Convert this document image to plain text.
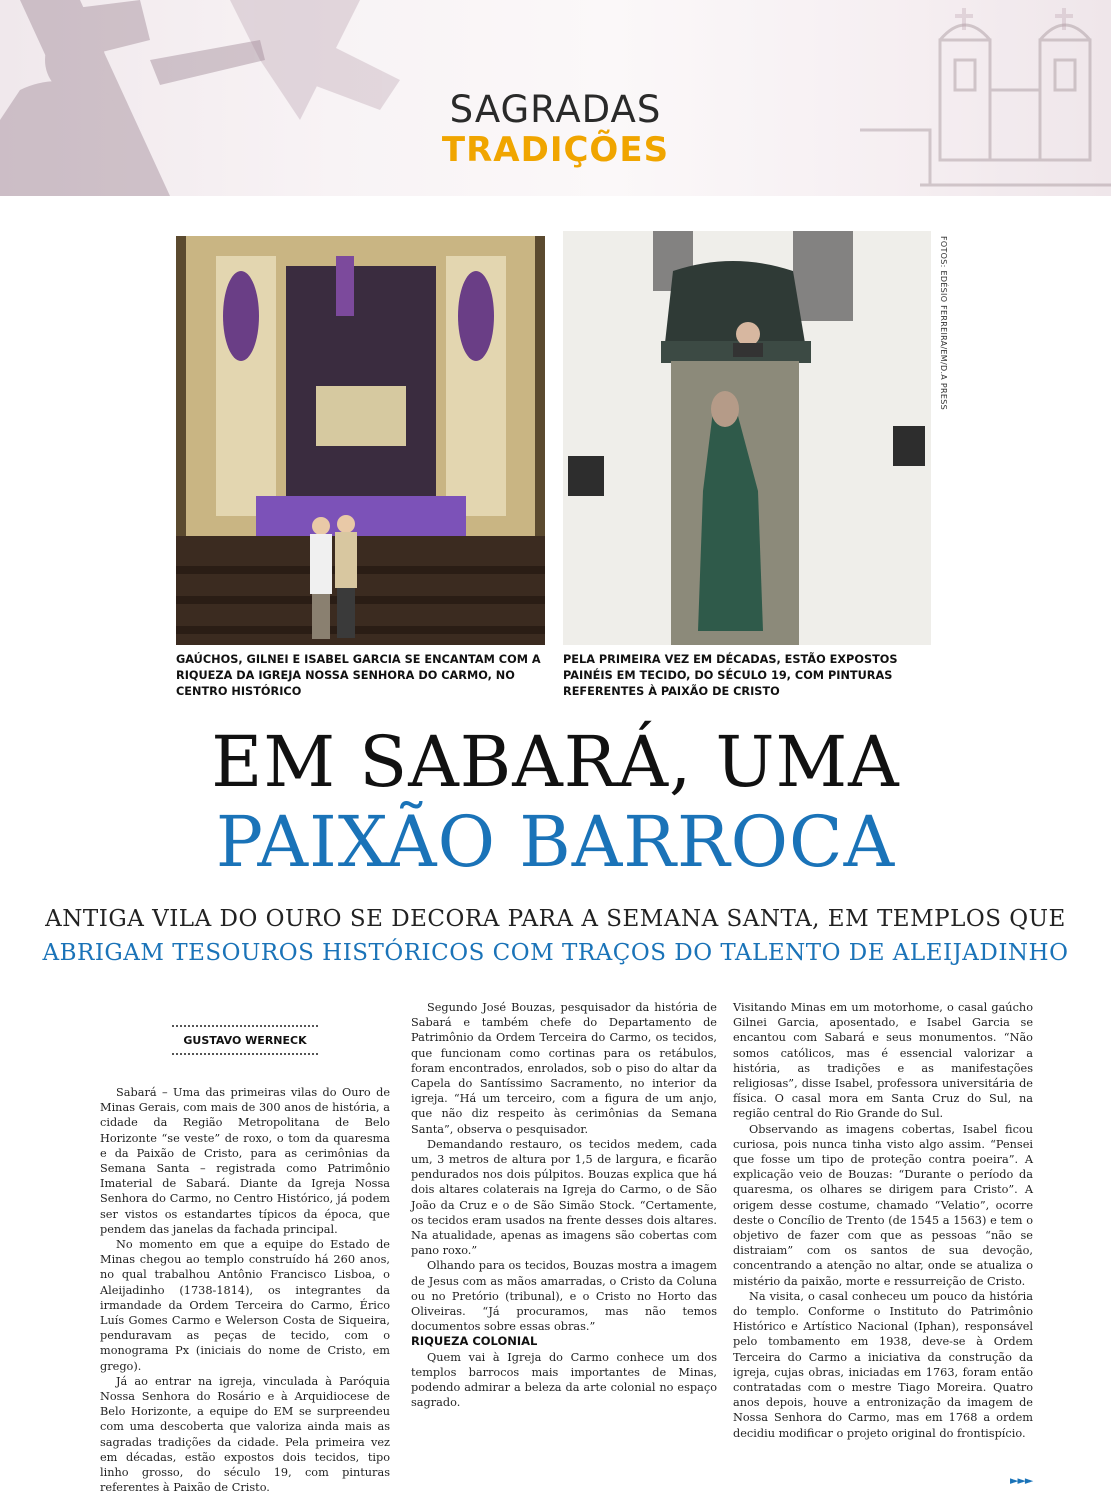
SAGRADAS
TRADIÇÕES
FOTOS: EDÉSIO FERREIRA/EM/D.A PRESS
GAÚCHOS, GILNEI E ISABEL GARCIA SE ENCANTAM COM A RIQUEZA DA IGREJA NOSSA SENHORA DO CARMO, NO CENTRO HISTÓRICO
PELA PRIMEIRA VEZ EM DÉCADAS, ESTÃO EXPOSTOS PAINÉIS EM TECIDO, DO SÉCULO 19, COM PINTURAS REFERENTES À PAIXÃO DE CRISTO
EM SABARÁ, UMA
PAIXÃO BARROCA
ANTIGA VILA DO OURO SE DECORA PARA A SEMANA SANTA, EM TEMPLOS QUE
ABRIGAM TESOUROS HISTÓRICOS COM TRAÇOS DO TALENTO DE ALEIJADINHO
GUSTAVO WERNECK

Sabará – Uma das primeiras vilas do Ouro de Minas Gerais, com mais de 300 anos de história, a cidade da Região Metropolitana de Belo Horizonte “se veste” de roxo, o tom da quaresma e da Paixão de Cristo, para as cerimônias da Semana Santa – registrada como Patrimônio Imaterial de Sabará. Diante da Igreja Nossa Senhora do Carmo, no Centro Histórico, já podem ser vistos os estandartes típicos da época, que pendem das janelas da fachada principal.

No momento em que a equipe do Estado de Minas chegou ao templo construído há 260 anos, no qual trabalhou Antônio Francisco Lisboa, o Aleijadinho (1738-1814), os integrantes da irmandade da Ordem Terceira do Carmo, Érico Luís Gomes Carmo e Welerson Costa de Siqueira, penduravam as peças de tecido, com o monograma Px (iniciais do nome de Cristo, em grego).

Já ao entrar na igreja, vinculada à Paróquia Nossa Senhora do Rosário e à Arquidiocese de Belo Horizonte, a equipe do EM se surpreendeu com uma descoberta que valoriza ainda mais as sagradas tradições da cidade. Pela primeira vez em décadas, estão expostos dois tecidos, tipo linho grosso, do século 19, com pinturas referentes à Paixão de Cristo.

Segundo José Bouzas, pesquisador da história de Sabará e também chefe do Departamento de Patrimônio da Ordem Terceira do Carmo, os tecidos, que funcionam como cortinas para os retábulos, foram encontrados, enrolados, sob o piso do altar da Capela do Santíssimo Sacramento, no interior da igreja. “Há um terceiro, com a figura de um anjo, que não diz respeito às cerimônias da Semana Santa”, observa o pesquisador.

Demandando restauro, os tecidos medem, cada um, 3 metros de altura por 1,5 de largura, e ficarão pendurados nos dois púlpitos. Bouzas explica que há dois altares colaterais na Igreja do Carmo, o de São João da Cruz e o de São Simão Stock. “Certamente, os tecidos eram usados na frente desses dois altares. Na atualidade, apenas as imagens são cobertas com pano roxo.”

Olhando para os tecidos, Bouzas mostra a imagem de Jesus com as mãos amarradas, o Cristo da Coluna ou no Pretório (tribunal), e o Cristo no Horto das Oliveiras. “Já procuramos, mas não temos documentos sobre essas obras.”

RIQUEZA COLONIAL

Quem vai à Igreja do Carmo conhece um dos templos barrocos mais importantes de Minas, podendo admirar a beleza da arte colonial no espaço sagrado.

Visitando Minas em um motorhome, o casal gaúcho Gilnei Garcia, aposentado, e Isabel Garcia se encantou com Sabará e seus monumentos. “Não somos católicos, mas é essencial valorizar a história, as tradições e as manifestações religiosas”, disse Isabel, professora universitária de física. O casal mora em Santa Cruz do Sul, na região central do Rio Grande do Sul.

Observando as imagens cobertas, Isabel ficou curiosa, pois nunca tinha visto algo assim. “Pensei que fosse um tipo de proteção contra poeira”. A explicação veio de Bouzas: “Durante o período da quaresma, os olhares se dirigem para Cristo”. A origem desse costume, chamado “Velatio”, ocorre deste o Concílio de Trento (de 1545 a 1563) e tem o objetivo de fazer com que as pessoas “não se distraiam” com os santos de sua devoção, concentrando a atenção no altar, onde se atualiza o mistério da paixão, morte e ressurreição de Cristo.

Na visita, o casal conheceu um pouco da história do templo. Conforme o Instituto do Patrimônio Histórico e Artístico Nacional (Iphan), responsável pelo tombamento em 1938, deve-se à Ordem Terceira do Carmo a iniciativa da construção da igreja, cujas obras, iniciadas em 1763, foram então contratadas com o mestre Tiago Moreira. Quatro anos depois, houve a entronização da imagem de Nossa Senhora do Carmo, mas em 1768 a ordem decidiu modificar o projeto original do frontispício.

►►►
